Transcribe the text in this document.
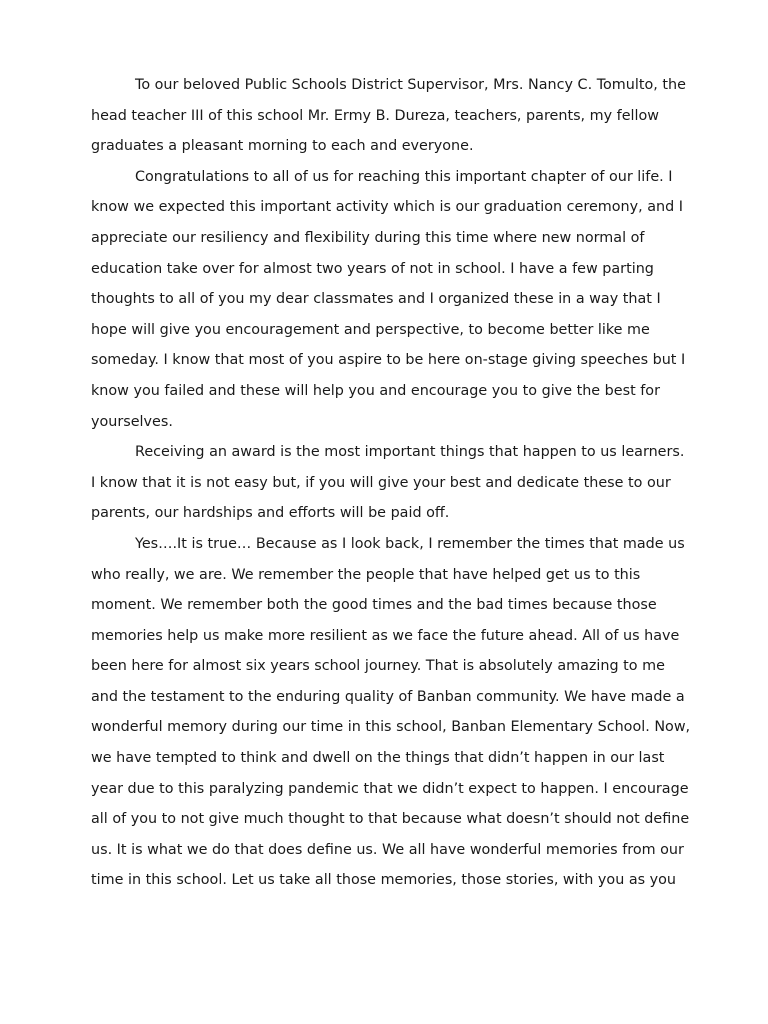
To our beloved Public Schools District Supervisor, Mrs. Nancy C. Tomulto, the head teacher III of this school Mr. Ermy B. Dureza, teachers, parents, my fellow graduates a pleasant morning to each and everyone.

Congratulations to all of us for reaching this important chapter of our life. I know we expected this important activity which is our graduation ceremony, and I appreciate our resiliency and flexibility during this time where new normal of education take over for almost two years of not in school. I have a few parting thoughts to all of you my dear classmates and I organized these in a way that I hope will give you encouragement and perspective, to become better like me someday. I know that most of you aspire to be here on-stage giving speeches but I know you failed and these will help you and encourage you to give the best for yourselves.

Receiving an award is the most important things that happen to us learners. I know that it is not easy but, if you will give your best and dedicate these to our parents, our hardships and efforts will be paid off.

Yes….It is true… Because as I look back, I remember the times that made us who really, we are. We remember the people that have helped get us to this moment. We remember both the good times and the bad times because those memories help us make more resilient as we face the future ahead. All of us have been here for almost six years school journey. That is absolutely amazing to me and the testament to the enduring quality of Banban community. We have made a wonderful memory during our time in this school, Banban Elementary School. Now, we have tempted to think and dwell on the things that didn’t happen in our last year due to this paralyzing pandemic that we didn’t expect to happen. I encourage all of you to not give much thought to that because what doesn’t should not define us. It is what we do that does define us. We all have wonderful memories from our time in this school. Let us take all those memories, those stories, with you as you
